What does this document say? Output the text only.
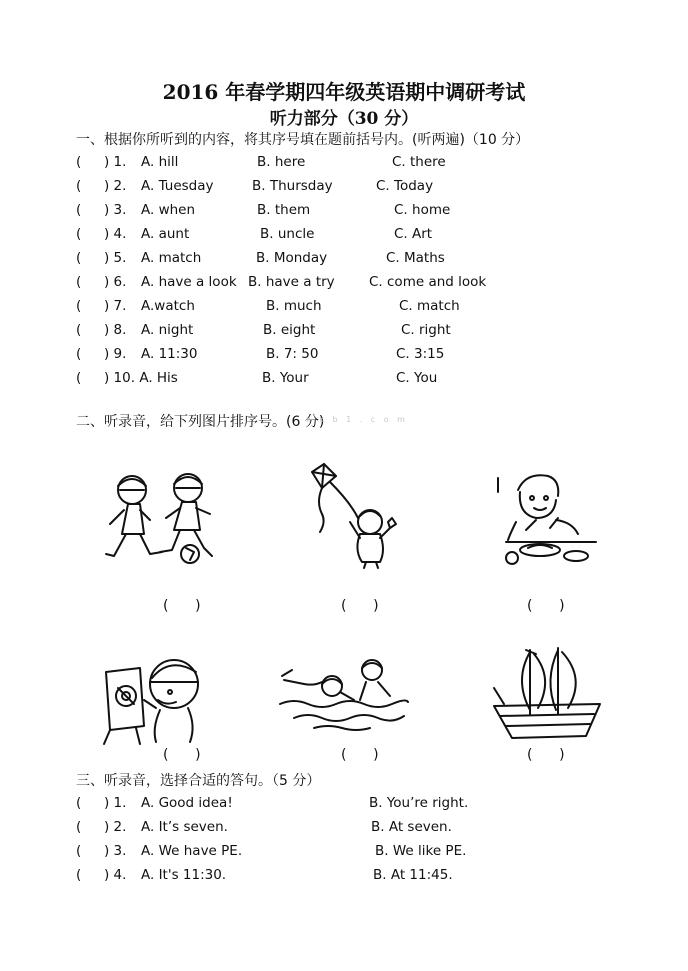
2016 年春学期四年级英语期中调研考试
听力部分（30 分）
一、根据你所听到的内容，将其序号填在题前括号内。(听两遍)（10 分）
( ) 1. A. hill	B. here	C. there
( ) 2. A. Tuesday	B. Thursday	C. Today
( ) 3. A. when	B. them	C. home
( ) 4. A. aunt	B. uncle	C. Art
( ) 5. A. match	B. Monday	C. Maths
( ) 6. A. have a look B. have a try	C. come and look
( ) 7. A.watch	B. much	C. match
( ) 8. A. night	B. eight	C. right
( ) 9. A. 11:30	B. 7: 50	C. 3:15
( ) 10. A. His	B. Your	C. You
二、听录音，给下列图片排序号。(6 分)
x k b 1 . c o m
(      )	(      )	(      )
(      )	(      )	(      )
三、听录音，选择合适的答句。（5 分）
( ) 1. A. Good idea!	B. You’re right.
( ) 2. A. It’s seven.	B. At seven.
( ) 3. A. We have PE.	B. We like PE.
( ) 4. A. It's 11:30.	B. At 11:45.
